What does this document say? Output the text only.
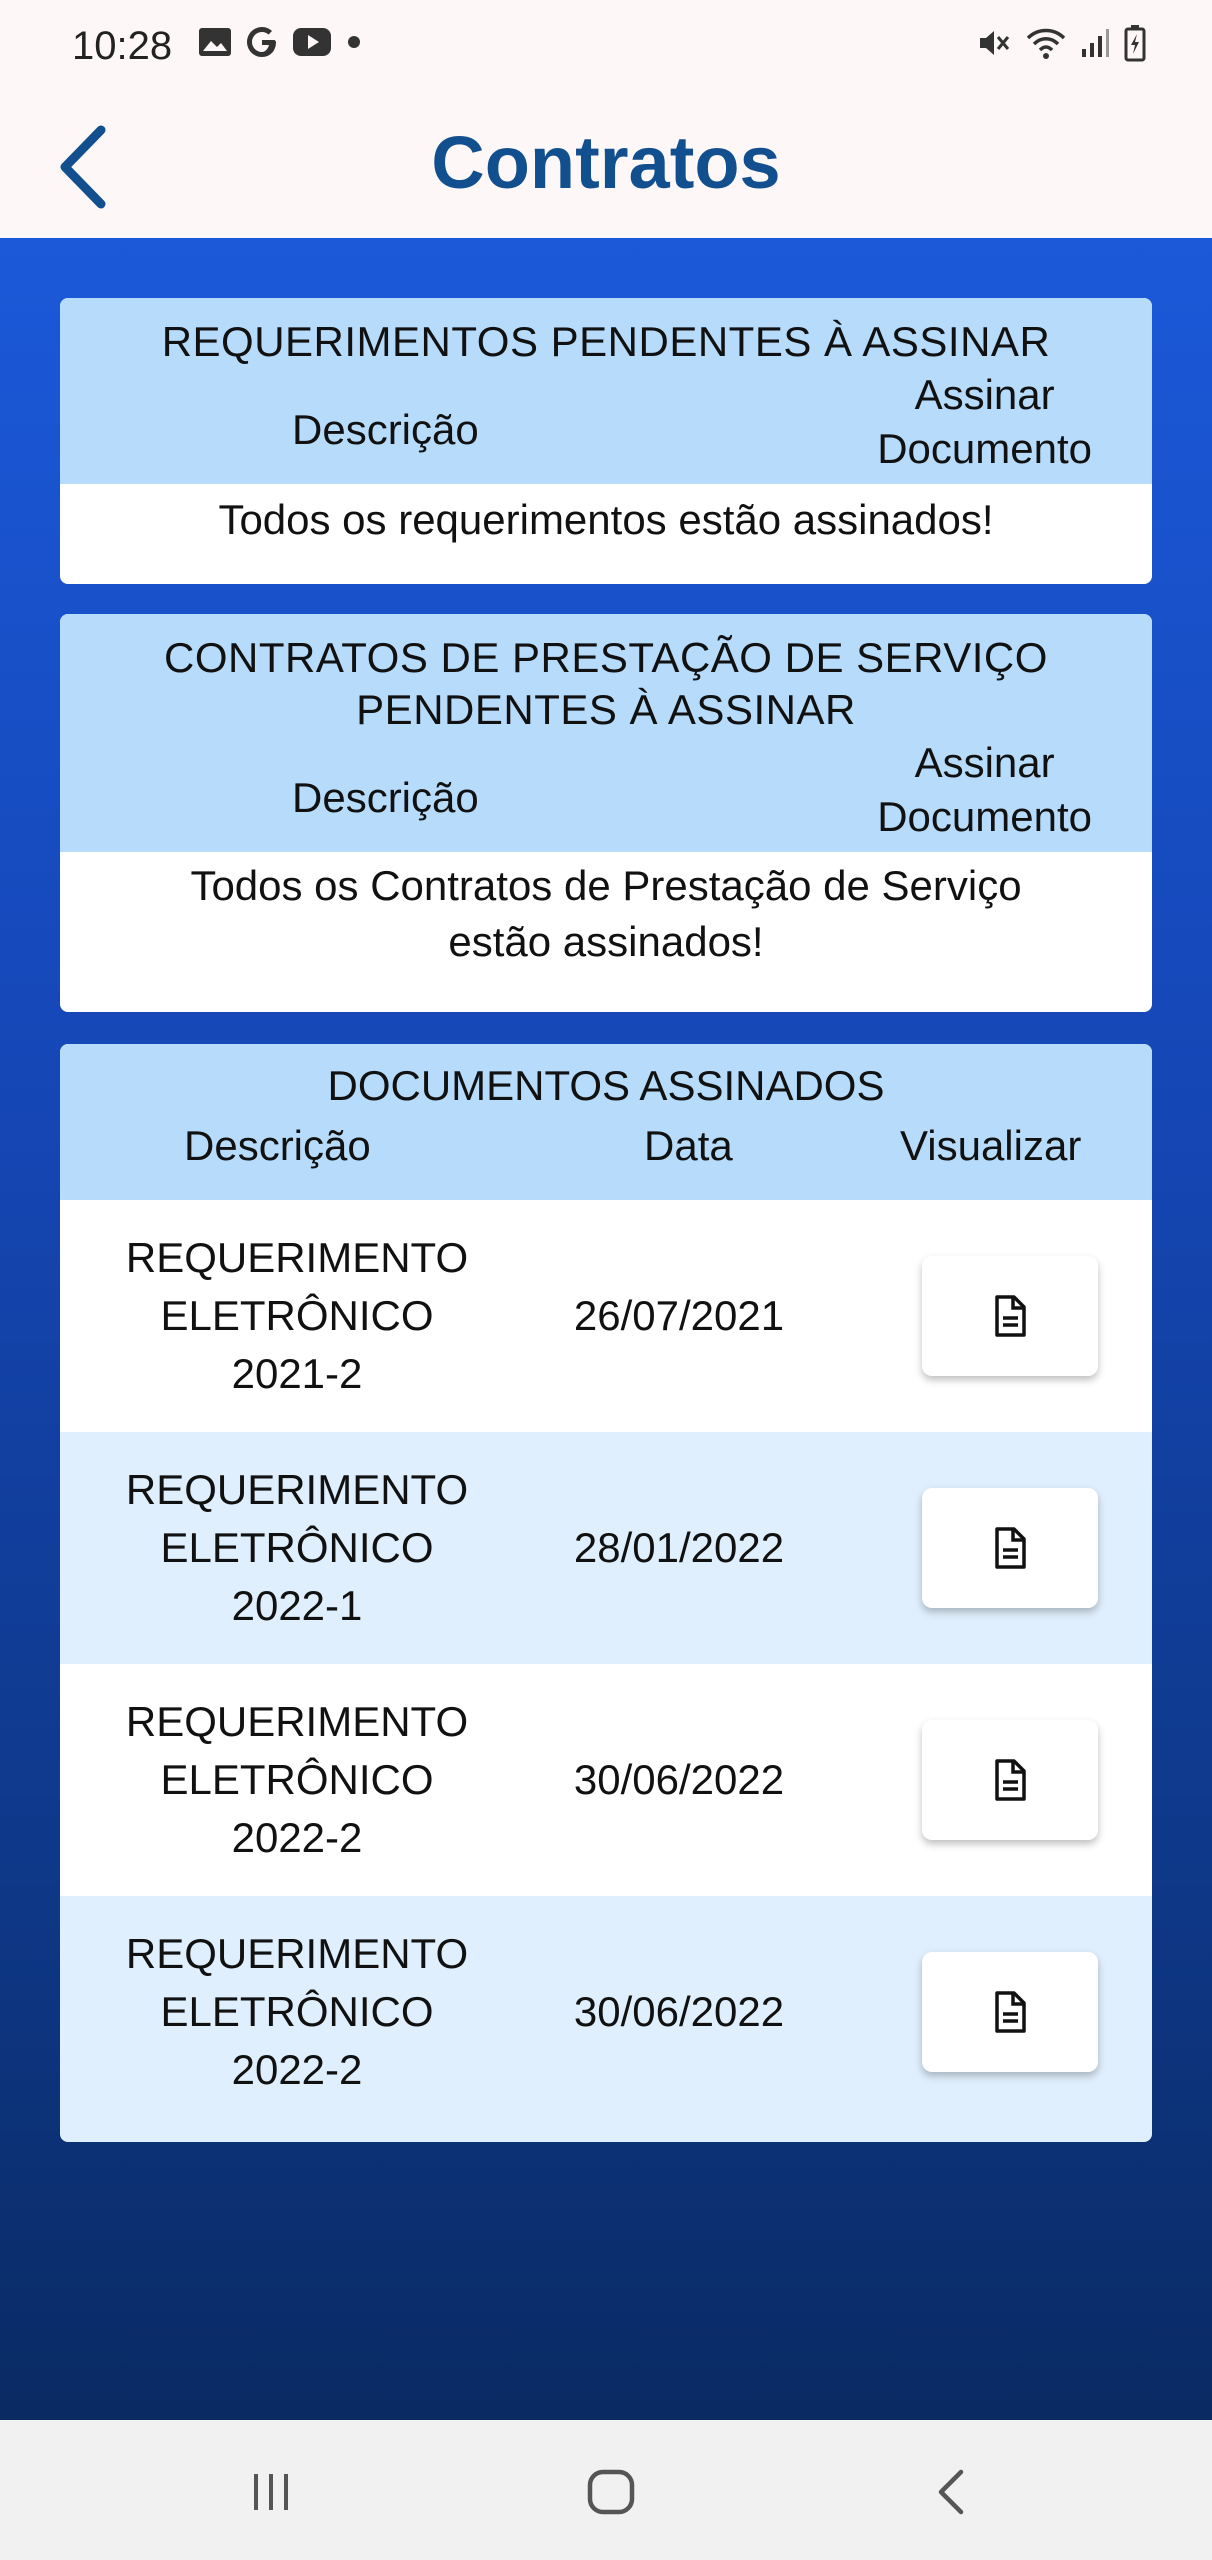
10:28
Contratos
REQUERIMENTOS PENDENTES À ASSINAR
Descrição
Assinar
Documento
Todos os requerimentos estão assinados!
CONTRATOS DE PRESTAÇÃO DE SERVIÇO
PENDENTES À ASSINAR
Descrição
Assinar
Documento
Todos os Contratos de Prestação de Serviço
estão assinados!
DOCUMENTOS ASSINADOS
Descrição	Data	Visualizar
REQUERIMENTO
ELETRÔNICO
2021-2
26/07/2021
REQUERIMENTO
ELETRÔNICO
2022-1
28/01/2022
REQUERIMENTO
ELETRÔNICO
2022-2
30/06/2022
REQUERIMENTO
ELETRÔNICO
2022-2
30/06/2022
